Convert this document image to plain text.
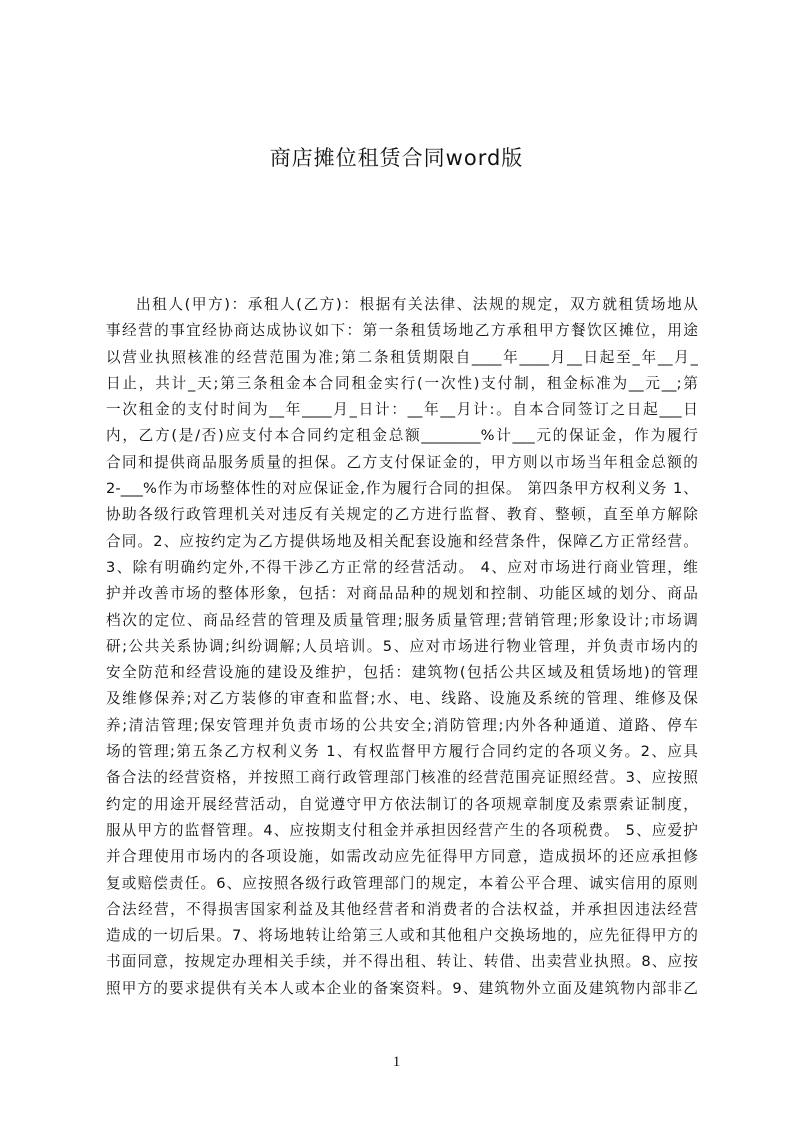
商店摊位租赁合同word版
出租人(甲方)：承租人(乙方)：根据有关法律、法规的规定，双方就租赁场地从
事经营的事宜经协商达成协议如下：第一条租赁场地乙方承租甲方餐饮区摊位，用途
以营业执照核准的经营范围为准;第二条租赁期限自____年____月__日起至_年__月_
日止，共计_天;第三条租金本合同租金实行(一次性)支付制，租金标准为__元__;第
一次租金的支付时间为__年____月_日计：__年__月计:。自本合同签订之日起___日
内，乙方(是/否)应支付本合同约定租金总额________%计___元的保证金，作为履行
合同和提供商品服务质量的担保。乙方支付保证金的，甲方则以市场当年租金总额的
2-___%作为市场整体性的对应保证金,作为履行合同的担保。 第四条甲方权利义务 1、
协助各级行政管理机关对违反有关规定的乙方进行监督、教育、整顿，直至单方解除
合同。2、应按约定为乙方提供场地及相关配套设施和经营条件，保障乙方正常经营。
3、除有明确约定外,不得干涉乙方正常的经营活动。 4、应对市场进行商业管理，维
护并改善市场的整体形象，包括：对商品品种的规划和控制、功能区域的划分、商品
档次的定位、商品经营的管理及质量管理;服务质量管理;营销管理;形象设计;市场调
研;公共关系协调;纠纷调解;人员培训。5、应对市场进行物业管理，并负责市场内的
安全防范和经营设施的建设及维护，包括：建筑物(包括公共区域及租赁场地)的管理
及维修保养;对乙方装修的审查和监督;水、电、线路、设施及系统的管理、维修及保
养;清洁管理;保安管理并负责市场的公共安全;消防管理;内外各种通道、道路、停车
场的管理;第五条乙方权利义务 1、有权监督甲方履行合同约定的各项义务。2、应具
备合法的经营资格，并按照工商行政管理部门核准的经营范围亮证照经营。3、应按照
约定的用途开展经营活动，自觉遵守甲方依法制订的各项规章制度及索票索证制度，
服从甲方的监督管理。4、应按期支付租金并承担因经营产生的各项税费。 5、应爱护
并合理使用市场内的各项设施，如需改动应先征得甲方同意，造成损坏的还应承担修
复或赔偿责任。6、应按照各级行政管理部门的规定，本着公平合理、诚实信用的原则
合法经营，不得损害国家利益及其他经营者和消费者的合法权益，并承担因违法经营
造成的一切后果。7、将场地转让给第三人或和其他租户交换场地的，应先征得甲方的
书面同意，按规定办理相关手续，并不得出租、转让、转借、出卖营业执照。8、应按
照甲方的要求提供有关本人或本企业的备案资料。9、建筑物外立面及建筑物内部非乙
1
